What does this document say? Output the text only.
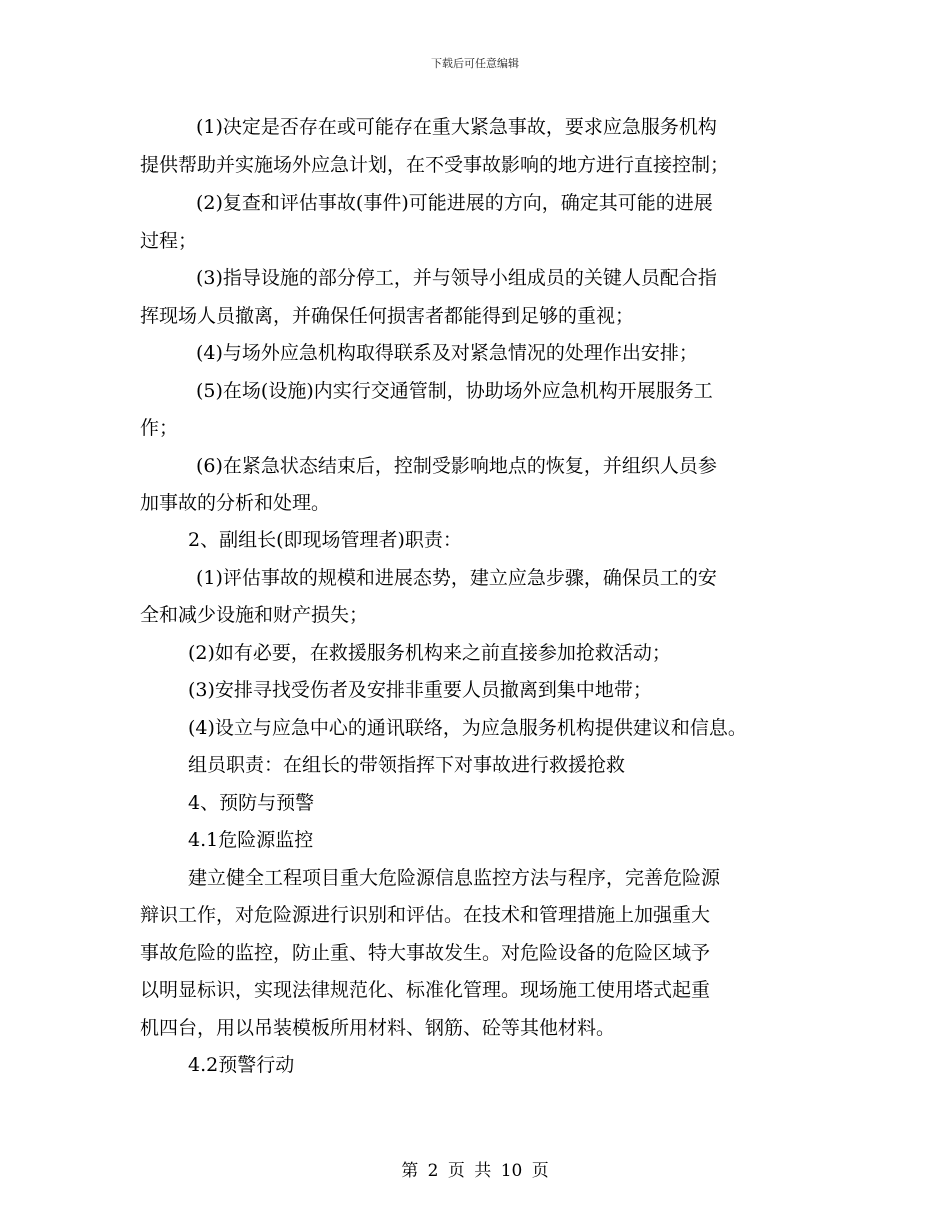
下载后可任意编辑
(1)决定是否存在或可能存在重大紧急事故，要求应急服务机构
提供帮助并实施场外应急计划，在不受事故影响的地方进行直接控制；
(2)复查和评估事故(事件)可能进展的方向，确定其可能的进展
过程；
(3)指导设施的部分停工，并与领导小组成员的关键人员配合指
挥现场人员撤离，并确保任何损害者都能得到足够的重视；
(4)与场外应急机构取得联系及对紧急情况的处理作出安排；
(5)在场(设施)内实行交通管制，协助场外应急机构开展服务工
作；
(6)在紧急状态结束后，控制受影响地点的恢复，并组织人员参
加事故的分析和处理。
2、副组长(即现场管理者)职责：
(1)评估事故的规模和进展态势，建立应急步骤，确保员工的安
全和减少设施和财产损失；
(2)如有必要，在救援服务机构来之前直接参加抢救活动；
(3)安排寻找受伤者及安排非重要人员撤离到集中地带；
(4)设立与应急中心的通讯联络，为应急服务机构提供建议和信息。
组员职责：在组长的带领指挥下对事故进行救援抢救
4、预防与预警
4.1危险源监控
建立健全工程项目重大危险源信息监控方法与程序，完善危险源
辩识工作，对危险源进行识别和评估。在技术和管理措施上加强重大
事故危险的监控，防止重、特大事故发生。对危险设备的危险区域予
以明显标识，实现法律规范化、标准化管理。现场施工使用塔式起重
机四台，用以吊装模板所用材料、钢筋、砼等其他材料。
4.2预警行动
第 2 页 共 10 页
